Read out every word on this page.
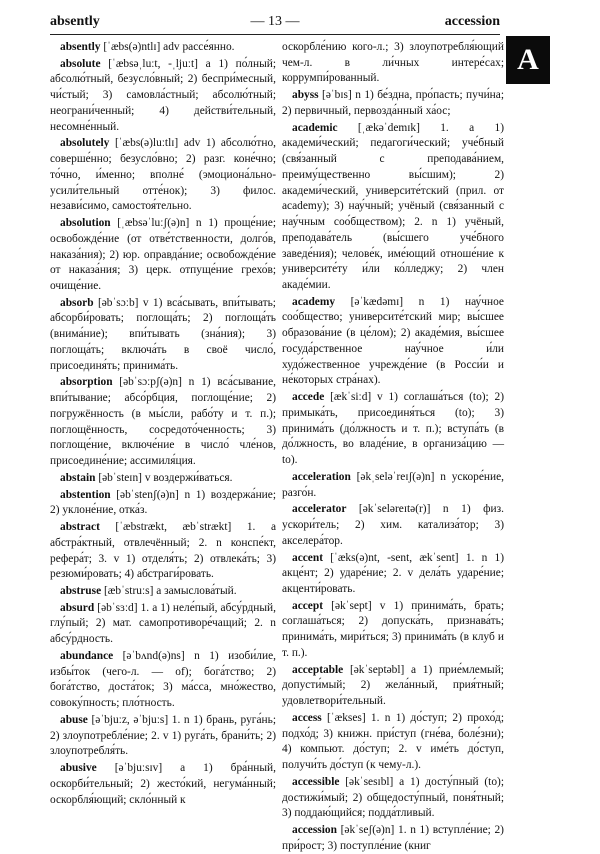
absently	— 13 —	accession
A

absently [ˈæbs(ə)ntlɪ] adv рассе́янно.

absolute [ˈæbsəˌluːt, -ˌljuːt] a 1) по́лный; абсолю́тный, безусло́вный; 2) беспри́месный, чи́стый; 3) самовла́стный; абсолю́тный; неограни́ченный; 4) действи́тельный, несомне́нный.

absolutely [ˈæbs(ə)luːtlɪ] adv 1) абсолю́тно, соверше́нно; безусло́вно; 2) разг. коне́чно; то́чно, и́менно; вполне́ (эмоциона́льно-усили́тельный отте́нок); 3) филос. незави́симо, самостоя́тельно.

absolution [ˌæbsəˈluːʃ(ə)n] n 1) проще́ние; освобожде́ние (от отве́тственности, долго́в, наказа́ния); 2) юр. оправда́ние; освобожде́ние от наказа́ния; 3) церк. отпуще́ние грехо́в; очище́ние.

absorb [əbˈsɔːb] v 1) вса́сывать, впи́тывать; абсорби́ровать; поглоща́ть; 2) поглоща́ть (внима́ние); впи́тывать (зна́ния); 3) поглоща́ть; включа́ть в своё число́, присоединя́ть; принима́ть.

absorption [əbˈsɔːpʃ(ə)n] n 1) вса́сывание, впи́тывание; абсо́рбция, поглоще́ние; 2) погружённость (в мы́сли, рабо́ту и т. п.); поглощённость, сосредото́ченность; 3) поглоще́ние, включе́ние в число́ чле́нов, присоедине́ние; ассимиля́ция.

abstain [əbˈsteɪn] v воздержи́ваться.

abstention [əbˈstenʃ(ə)n] n 1) воздержа́ние; 2) уклоне́ние, отка́з.

abstract [ˈæbstrækt, æbˈstrækt] 1. a абстра́ктный, отвлечённый; 2. n конспе́кт, рефера́т; 3. v 1) отделя́ть; 2) отвлека́ть; 3) резюми́ровать; 4) абстраги́ровать.

abstruse [æbˈstruːs] a замыслова́тый.

absurd [əbˈsɜːd] 1. a 1) неле́пый, абсу́рдный, глу́пый; 2) мат. самопротиворе́чащий; 2. n абсу́рдность.

abundance [əˈbʌnd(ə)ns] n 1) изоби́лие, избы́ток (чего-л. — of); бога́тство; 2) бога́тство, доста́ток; 3) ма́сса, мно́жество, совоку́пность; пло́тность.

abuse [əˈbjuːz, əˈbjuːs] 1. n 1) брань, руга́нь; 2) злоупотребле́ние; 2. v 1) руга́ть, брани́ть; 2) злоупотребля́ть.

abusive [əˈbjuːsɪv] a 1) бра́нный, оскорби́тельный; 2) жесто́кий, негума́нный; оскорбля́ющий; скло́нный к

оскорбле́нию кого-л.; 3) злоупотребля́ющий чем-л. в ли́чных интере́сах; коррумпи́рованный.

abyss [əˈbɪs] n 1) бе́здна, про́пасть; пучи́на; 2) первичный, первозда́нный ха́ос;

academic [ˌækəˈdemɪk] 1. a 1) академи́ческий; педагоги́ческий; уче́бный (свя́занный с преподава́нием, преиму́щественно вы́сшим); 2) академи́ческий, университе́тский (прил. от academy); 3) нау́чный; учёный (свя́занный с нау́чным соо́бществом); 2. n 1) учёный, преподава́тель (вы́сшего уче́бного заведе́ния); челове́к, име́ющий отноше́ние к университе́ту и́ли ко́лледжу; 2) член акаде́мии.

academy [əˈkædəmɪ] n 1) нау́чное соо́бщество; университе́тский мир; вы́сшее образова́ние (в це́лом); 2) акаде́мия, вы́сшее госуда́рственное нау́чное и́ли худо́жественное учрежде́ние (в Росси́и и не́которых стра́нах).

accede [ækˈsiːd] v 1) соглаша́ться (to); 2) примыка́ть, присоединя́ться (to); 3) принима́ть (до́лжность и т. п.); вступа́ть (в до́лжность, во владе́ние, в организа́цию — to).

acceleration [əkˌseləˈreɪʃ(ə)n] n ускоре́ние, разго́н.

accelerator [əkˈseləreɪtə(r)] n 1) физ. ускори́тель; 2) хим. катализа́тор; 3) акселера́тор.

accent [ˈæks(ə)nt, -sent, ækˈsent] 1. n 1) акце́нт; 2) ударе́ние; 2. v дела́ть ударе́ние; акценти́ровать.

accept [əkˈsept] v 1) принима́ть, брать; соглаша́ться; 2) допуска́ть, признава́ть; принима́ть, мири́ться; 3) принима́ть (в клуб и т. п.).

acceptable [əkˈseptəbl] a 1) прие́млемый; допусти́мый; 2) жела́нный, прия́тный; удовлетвори́тельный.

access [ˈækses] 1. n 1) до́ступ; 2) прохо́д; подхо́д; 3) книжн. при́ступ (гне́ва, боле́зни); 4) компьют. до́ступ; 2. v име́ть до́ступ, получи́ть до́ступ (к чему-л.).

accessible [əkˈsesɪbl] a 1) досту́пный (to); достижи́мый; 2) общедосту́пный, поня́тный; 3) поддаю́щийся; подда́тливый.

accession [əkˈseʃ(ə)n] 1. n 1) вступле́ние; 2) при́рост; 3) поступле́ние (книг
